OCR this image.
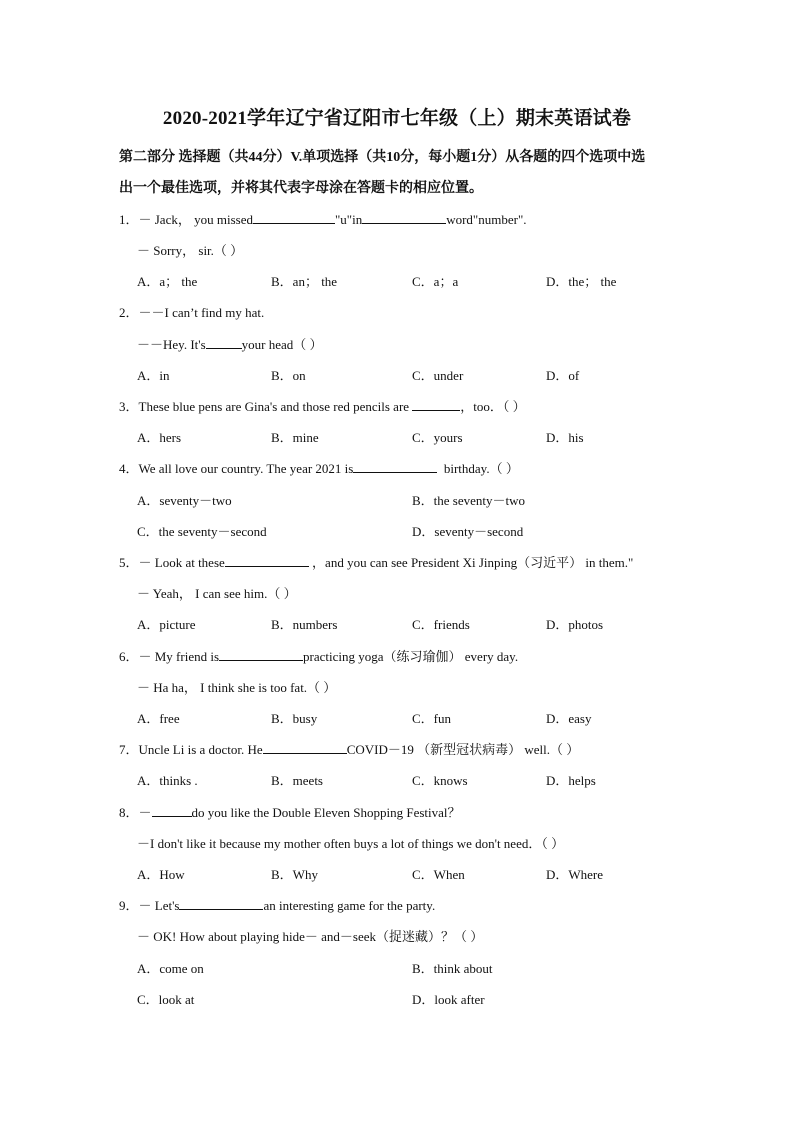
2020-2021学年辽宁省辽阳市七年级（上）期末英语试卷
第二部分 选择题（共44分）V.单项选择（共10分，每小题1分）从各题的四个选项中选
出一个最佳选项，并将其代表字母涂在答题卡的相应位置。
1．－ Jack， you missed	"u"in	word"number".
－ Sorry， sir.（ ）
A．a； the	B．an； the	C．a；a	D．the； the
2．－－I can’t find my hat.
－－Hey. It's	your head（ ）
A．in	B．on	C．under	D．of
3．These blue pens are Gina's and those red pencils are	，too．（ ）
A．hers	B．mine	C．yours	D．his
4．We all love our country. The year 2021 is	birthday.（ ）
A．seventy－two	B．the seventy－two
C．the seventy－second	D．seventy－second
5．－ Look at these	，and you can see President Xi Jinping（习近平） in them."
－ Yeah， I can see him.（ ）
A．picture	B．numbers	C．friends	D．photos
6．－ My friend is	practicing yoga（练习瑜伽） every day.
－ Ha ha， I think she is too fat.（ ）
A．free	B．busy	C．fun	D．easy
7．Uncle Li is a doctor. He	COVID－19 （新型冠状病毒） well.（ ）
A．thinks .	B．meets	C．knows	D．helps
8．－	do you like the Double Eleven Shopping Festival？
－I don't like it because my mother often buys a lot of things we don't need．（ ）
A．How	B．Why	C．When	D．Where
9．－ Let's	an interesting game for the party.
－ OK! How about playing hide－ and－seek（捉迷藏）？（ ）
A．come on	B．think about
C．look at	D．look after
